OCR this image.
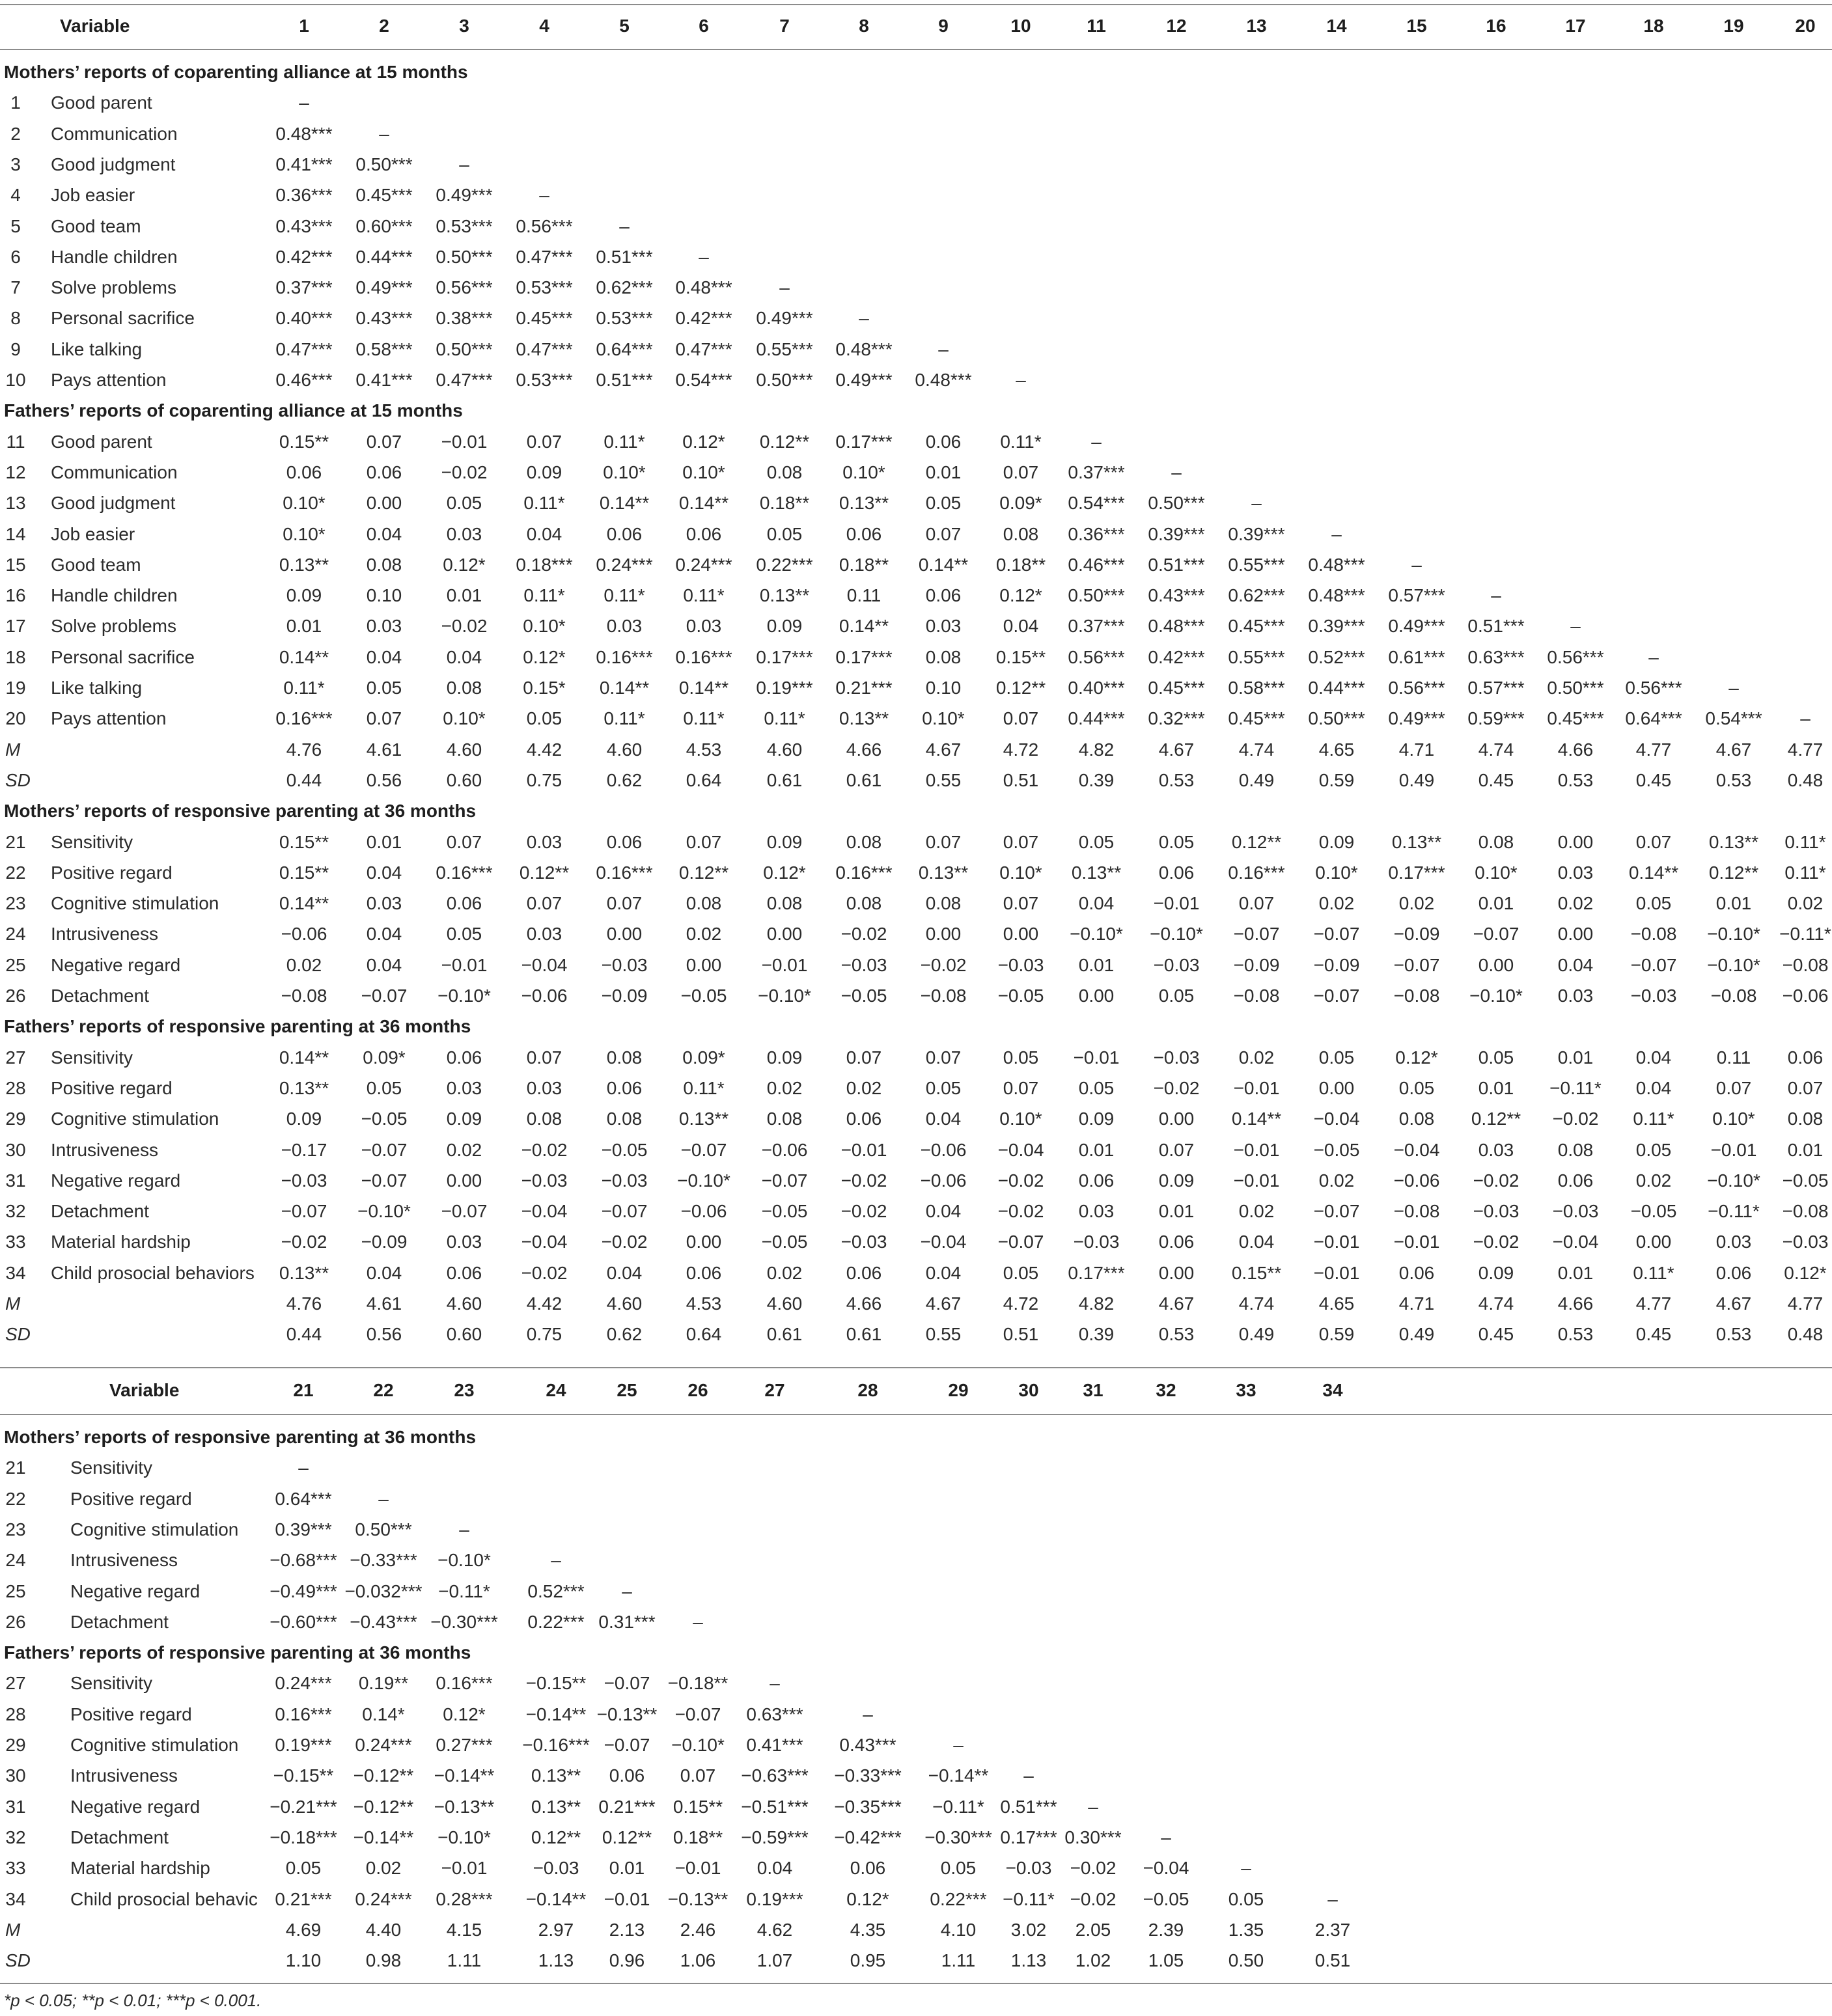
Variable	1	2	3	4	5	6	7	8	9	10	11	12	13	14	15	16	17	18	19	20
Mothers’ reports of coparenting alliance at 15 months
1	Good parent	–
2	Communication	0.48***	–
3	Good judgment	0.41***	0.50***	–
4	Job easier	0.36***	0.45***	0.49***	–
5	Good team	0.43***	0.60***	0.53***	0.56***	–
6	Handle children	0.42***	0.44***	0.50***	0.47***	0.51***	–
7	Solve problems	0.37***	0.49***	0.56***	0.53***	0.62***	0.48***	–
8	Personal sacrifice	0.40***	0.43***	0.38***	0.45***	0.53***	0.42***	0.49***	–
9	Like talking	0.47***	0.58***	0.50***	0.47***	0.64***	0.47***	0.55***	0.48***	–
10	Pays attention	0.46***	0.41***	0.47***	0.53***	0.51***	0.54***	0.50***	0.49***	0.48***	–
Fathers’ reports of coparenting alliance at 15 months
11	Good parent	0.15**	0.07	−0.01	0.07	0.11*	0.12*	0.12**	0.17***	0.06	0.11*	–
12	Communication	0.06	0.06	−0.02	0.09	0.10*	0.10*	0.08	0.10*	0.01	0.07	0.37***	–
13	Good judgment	0.10*	0.00	0.05	0.11*	0.14**	0.14**	0.18**	0.13**	0.05	0.09*	0.54***	0.50***	–
14	Job easier	0.10*	0.04	0.03	0.04	0.06	0.06	0.05	0.06	0.07	0.08	0.36***	0.39***	0.39***	–
15	Good team	0.13**	0.08	0.12*	0.18***	0.24***	0.24***	0.22***	0.18**	0.14**	0.18**	0.46***	0.51***	0.55***	0.48***	–
16	Handle children	0.09	0.10	0.01	0.11*	0.11*	0.11*	0.13**	0.11	0.06	0.12*	0.50***	0.43***	0.62***	0.48***	0.57***	–
17	Solve problems	0.01	0.03	−0.02	0.10*	0.03	0.03	0.09	0.14**	0.03	0.04	0.37***	0.48***	0.45***	0.39***	0.49***	0.51***	–
18	Personal sacrifice	0.14**	0.04	0.04	0.12*	0.16***	0.16***	0.17***	0.17***	0.08	0.15**	0.56***	0.42***	0.55***	0.52***	0.61***	0.63***	0.56***	–
19	Like talking	0.11*	0.05	0.08	0.15*	0.14**	0.14**	0.19***	0.21***	0.10	0.12**	0.40***	0.45***	0.58***	0.44***	0.56***	0.57***	0.50***	0.56***	–
20	Pays attention	0.16***	0.07	0.10*	0.05	0.11*	0.11*	0.11*	0.13**	0.10*	0.07	0.44***	0.32***	0.45***	0.50***	0.49***	0.59***	0.45***	0.64***	0.54***	–
M	4.76	4.61	4.60	4.42	4.60	4.53	4.60	4.66	4.67	4.72	4.82	4.67	4.74	4.65	4.71	4.74	4.66	4.77	4.67	4.77
SD	0.44	0.56	0.60	0.75	0.62	0.64	0.61	0.61	0.55	0.51	0.39	0.53	0.49	0.59	0.49	0.45	0.53	0.45	0.53	0.48
Mothers’ reports of responsive parenting at 36 months
21	Sensitivity	0.15**	0.01	0.07	0.03	0.06	0.07	0.09	0.08	0.07	0.07	0.05	0.05	0.12**	0.09	0.13**	0.08	0.00	0.07	0.13**	0.11*
22	Positive regard	0.15**	0.04	0.16***	0.12**	0.16***	0.12**	0.12*	0.16***	0.13**	0.10*	0.13**	0.06	0.16***	0.10*	0.17***	0.10*	0.03	0.14**	0.12**	0.11*
23	Cognitive stimulation	0.14**	0.03	0.06	0.07	0.07	0.08	0.08	0.08	0.08	0.07	0.04	−0.01	0.07	0.02	0.02	0.01	0.02	0.05	0.01	0.02
24	Intrusiveness	−0.06	0.04	0.05	0.03	0.00	0.02	0.00	−0.02	0.00	0.00	−0.10*	−0.10*	−0.07	−0.07	−0.09	−0.07	0.00	−0.08	−0.10*	−0.11*
25	Negative regard	0.02	0.04	−0.01	−0.04	−0.03	0.00	−0.01	−0.03	−0.02	−0.03	0.01	−0.03	−0.09	−0.09	−0.07	0.00	0.04	−0.07	−0.10*	−0.08
26	Detachment	−0.08	−0.07	−0.10*	−0.06	−0.09	−0.05	−0.10*	−0.05	−0.08	−0.05	0.00	0.05	−0.08	−0.07	−0.08	−0.10*	0.03	−0.03	−0.08	−0.06
Fathers’ reports of responsive parenting at 36 months
27	Sensitivity	0.14**	0.09*	0.06	0.07	0.08	0.09*	0.09	0.07	0.07	0.05	−0.01	−0.03	0.02	0.05	0.12*	0.05	0.01	0.04	0.11	0.06
28	Positive regard	0.13**	0.05	0.03	0.03	0.06	0.11*	0.02	0.02	0.05	0.07	0.05	−0.02	−0.01	0.00	0.05	0.01	−0.11*	0.04	0.07	0.07
29	Cognitive stimulation	0.09	−0.05	0.09	0.08	0.08	0.13**	0.08	0.06	0.04	0.10*	0.09	0.00	0.14**	−0.04	0.08	0.12**	−0.02	0.11*	0.10*	0.08
30	Intrusiveness	−0.17	−0.07	0.02	−0.02	−0.05	−0.07	−0.06	−0.01	−0.06	−0.04	0.01	0.07	−0.01	−0.05	−0.04	0.03	0.08	0.05	−0.01	0.01
31	Negative regard	−0.03	−0.07	0.00	−0.03	−0.03	−0.10*	−0.07	−0.02	−0.06	−0.02	0.06	0.09	−0.01	0.02	−0.06	−0.02	0.06	0.02	−0.10*	−0.05
32	Detachment	−0.07	−0.10*	−0.07	−0.04	−0.07	−0.06	−0.05	−0.02	0.04	−0.02	0.03	0.01	0.02	−0.07	−0.08	−0.03	−0.03	−0.05	−0.11*	−0.08
33	Material hardship	−0.02	−0.09	0.03	−0.04	−0.02	0.00	−0.05	−0.03	−0.04	−0.07	−0.03	0.06	0.04	−0.01	−0.01	−0.02	−0.04	0.00	0.03	−0.03
34	Child prosocial behaviors	0.13**	0.04	0.06	−0.02	0.04	0.06	0.02	0.06	0.04	0.05	0.17***	0.00	0.15**	−0.01	0.06	0.09	0.01	0.11*	0.06	0.12*
M	4.76	4.61	4.60	4.42	4.60	4.53	4.60	4.66	4.67	4.72	4.82	4.67	4.74	4.65	4.71	4.74	4.66	4.77	4.67	4.77
SD	0.44	0.56	0.60	0.75	0.62	0.64	0.61	0.61	0.55	0.51	0.39	0.53	0.49	0.59	0.49	0.45	0.53	0.45	0.53	0.48
Variable	21	22	23	24	25	26	27	28	29	30	31	32	33	34
Mothers’ reports of responsive parenting at 36 months
21	Sensitivity	–
22	Positive regard	0.64***	–
23	Cognitive stimulation	0.39***	0.50***	–
24	Intrusiveness	−0.68*** −0.33***	−0.10*	–
25	Negative regard	−0.49*** −0.032*** −0.11*	0.52***	–
26	Detachment	−0.60*** −0.43*** −0.30***	0.22*** 0.31***	–
Fathers’ reports of responsive parenting at 36 months
27	Sensitivity	0.24***	0.19**	0.16***	−0.15** −0.07 −0.18**	–
28	Positive regard	0.16***	0.14*	0.12*	−0.14** −0.13** −0.07	0.63***	–
29	Cognitive stimulation	0.19***	0.24***	0.27***	−0.16*** −0.07	−0.10*	0.41***	0.43***	–
30	Intrusiveness	−0.15**	−0.12**	−0.14**	0.13**	0.06	0.07	−0.63***	−0.33***	−0.14**	–
31	Negative regard	−0.21*** −0.12**	−0.13**	0.13** 0.21*** 0.15**	−0.51***	−0.35***	−0.11* 0.51***	–
32	Detachment	−0.18*** −0.14**	−0.10*	0.12**	0.12**	0.18**	−0.59***	−0.42***	−0.30*** 0.17*** 0.30***	–
33	Material hardship	0.05	0.02	−0.01	−0.03	0.01	−0.01	0.04	0.06	0.05	−0.03	−0.02	−0.04	–
34	Child prosocial behavic 0.21***	0.24***	0.28***	−0.14** −0.01 −0.13**	0.19***	0.12*	0.22*** −0.11* −0.02	−0.05	0.05	–
M	4.69	4.40	4.15	2.97	2.13	2.46	4.62	4.35	4.10	3.02	2.05	2.39	1.35	2.37
SD	1.10	0.98	1.11	1.13	0.96	1.06	1.07	0.95	1.11	1.13	1.02	1.05	0.50	0.51
*p < 0.05; **p < 0.01; ***p < 0.001.
